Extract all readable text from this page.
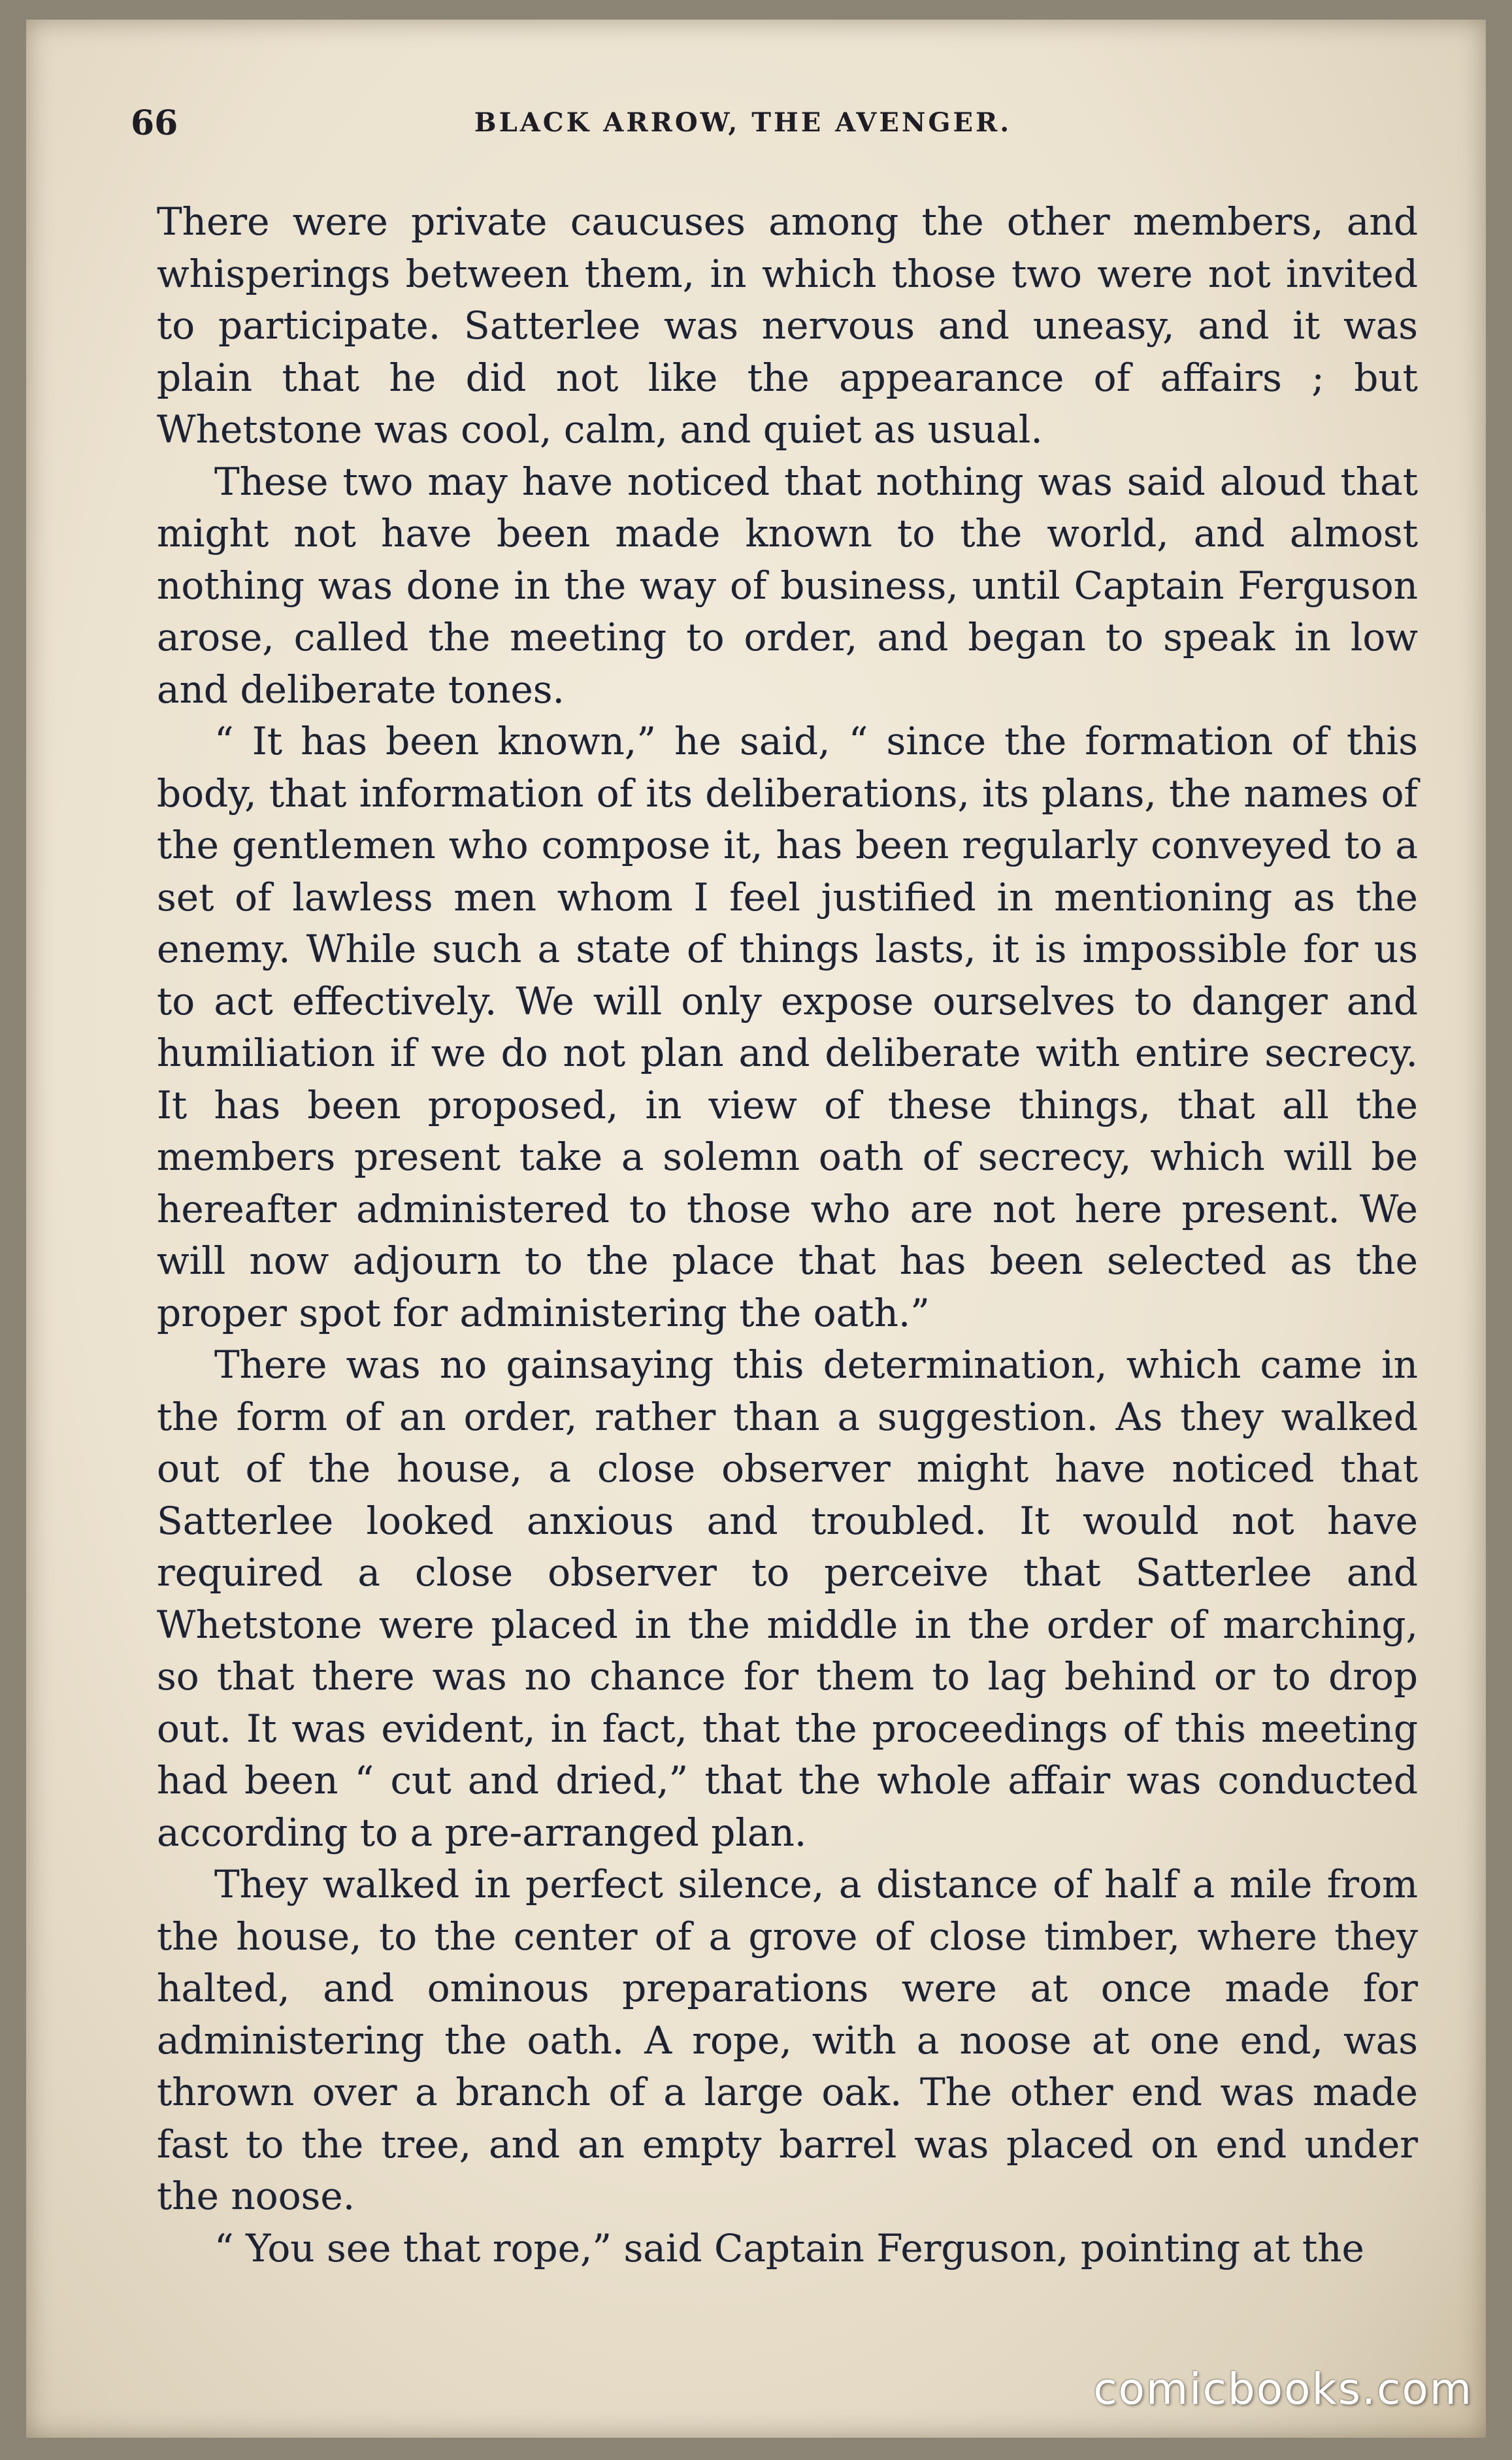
66	BLACK ARROW, THE AVENGER.

There were private caucuses among the other members, and whisperings between them, in which those two were not invited to participate. Satterlee was nervous and uneasy, and it was plain that he did not like the appearance of affairs ; but Whetstone was cool, calm, and quiet as usual.

These two may have noticed that nothing was said aloud that might not have been made known to the world, and almost nothing was done in the way of business, until Captain Ferguson arose, called the meeting to order, and began to speak in low and deliberate tones.

“ It has been known,” he said, “ since the formation of this body, that information of its deliberations, its plans, the names of the gentlemen who compose it, has been regularly conveyed to a set of lawless men whom I feel justified in mentioning as the enemy. While such a state of things lasts, it is impossible for us to act effectively. We will only expose ourselves to danger and humiliation if we do not plan and deliberate with entire secrecy. It has been proposed, in view of these things, that all the members present take a solemn oath of secrecy, which will be hereafter administered to those who are not here present. We will now adjourn to the place that has been selected as the proper spot for administering the oath.”

There was no gainsaying this determination, which came in the form of an order, rather than a suggestion. As they walked out of the house, a close observer might have noticed that Satterlee looked anxious and troubled. It would not have required a close observer to perceive that Satterlee and Whetstone were placed in the middle in the order of marching, so that there was no chance for them to lag behind or to drop out. It was evident, in fact, that the proceedings of this meeting had been “ cut and dried,” that the whole affair was conducted according to a pre-arranged plan.

They walked in perfect silence, a distance of half a mile from the house, to the center of a grove of close timber, where they halted, and ominous preparations were at once made for administering the oath. A rope, with a noose at one end, was thrown over a branch of a large oak. The other end was made fast to the tree, and an empty barrel was placed on end under the noose.

“ You see that rope,” said Captain Ferguson, pointing at the

comicbooks.com
